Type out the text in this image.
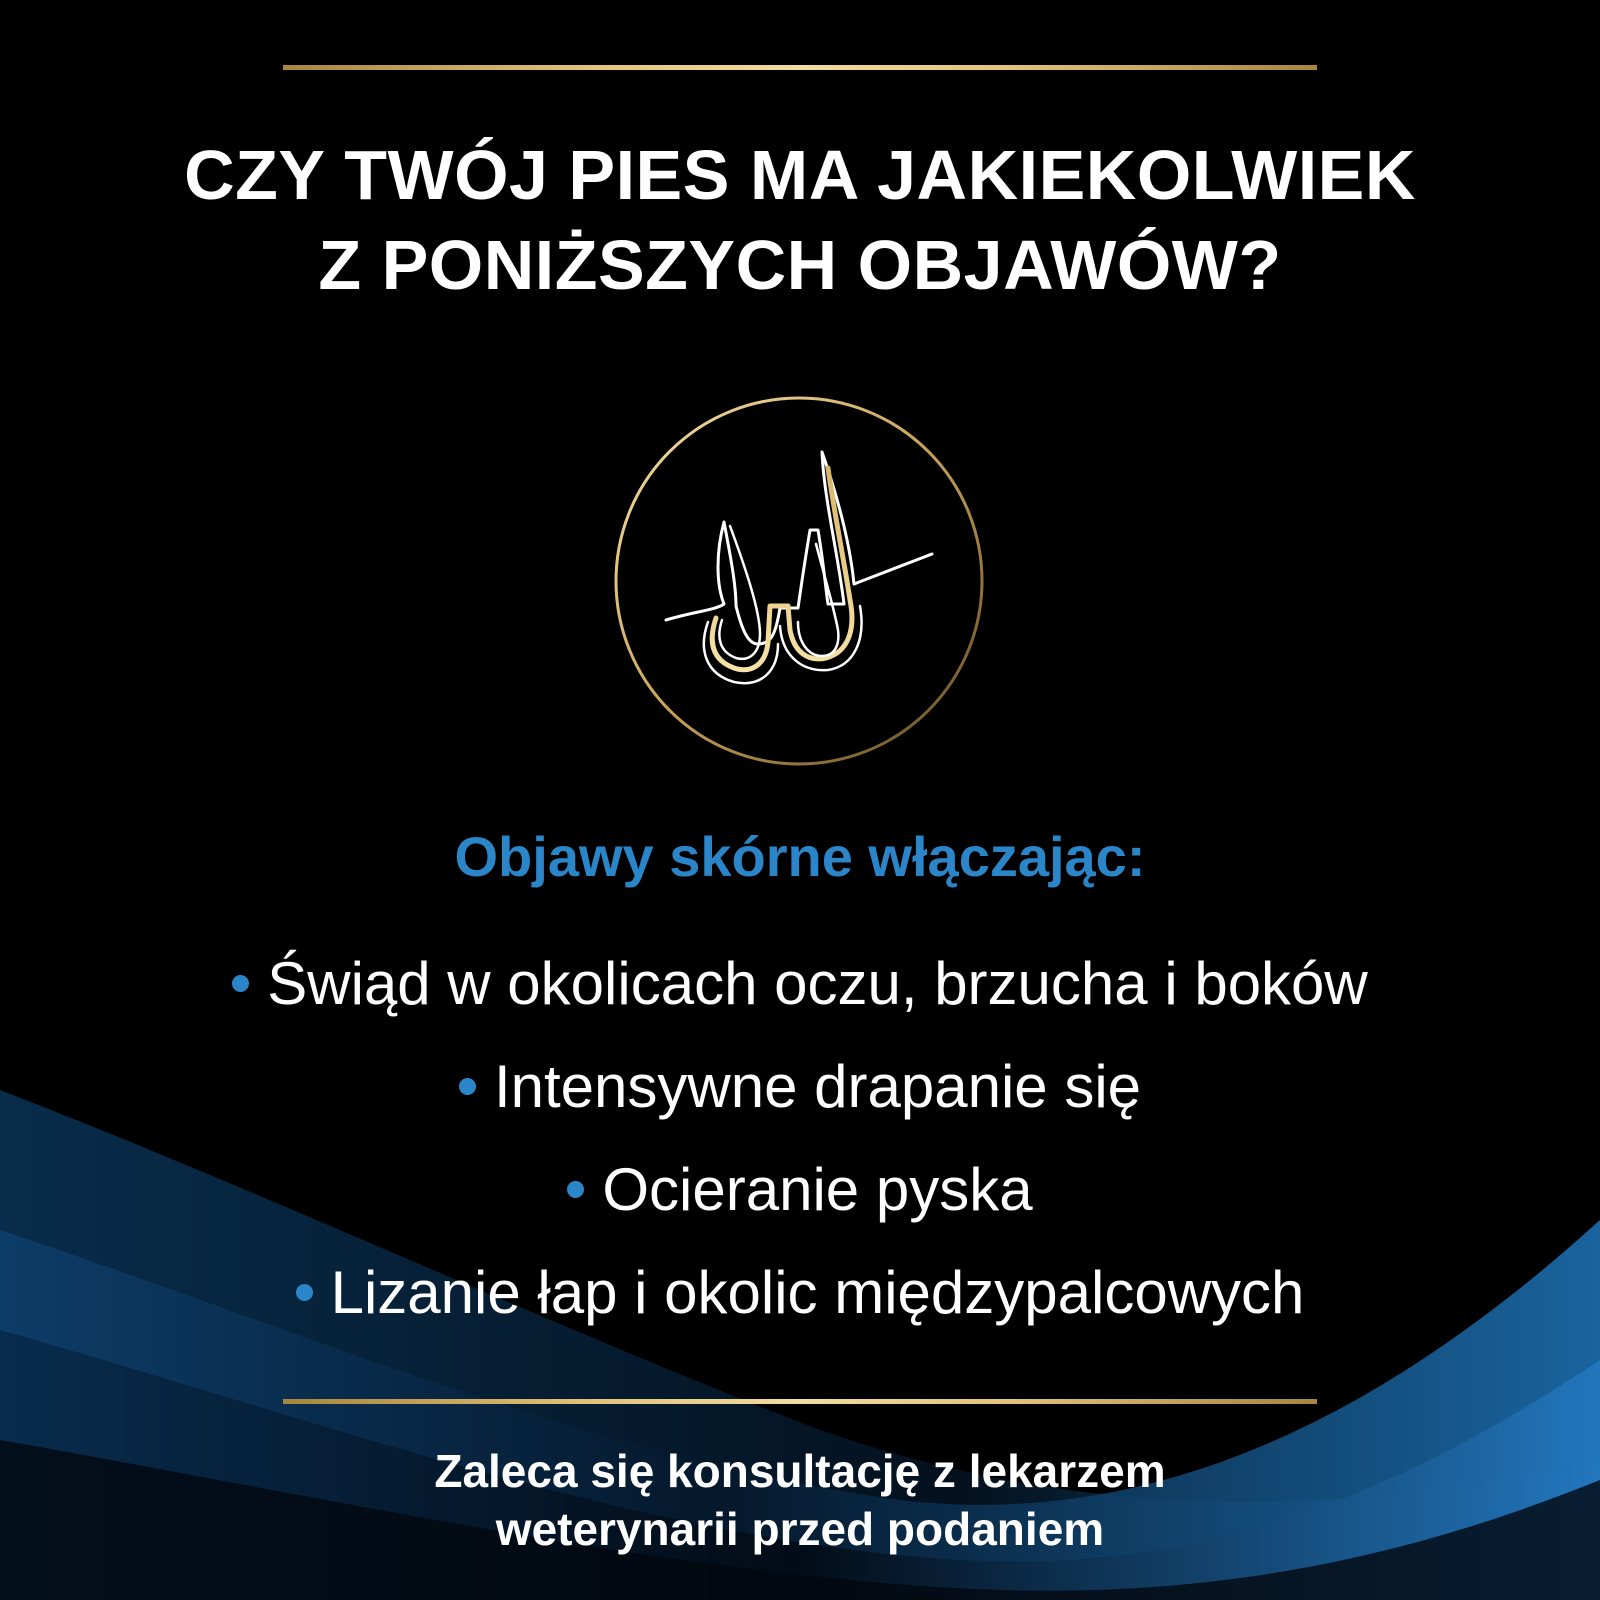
CZY TWÓJ PIES MA JAKIEKOLWIEK
Z PONIŻSZYCH OBJAWÓW?
Objawy skórne włączając:
Świąd w okolicach oczu, brzucha i boków
Intensywne drapanie się
Ocieranie pyska
Lizanie łap i okolic międzypalcowych
Zaleca się konsultację z lekarzem
weterynarii przed podaniem
